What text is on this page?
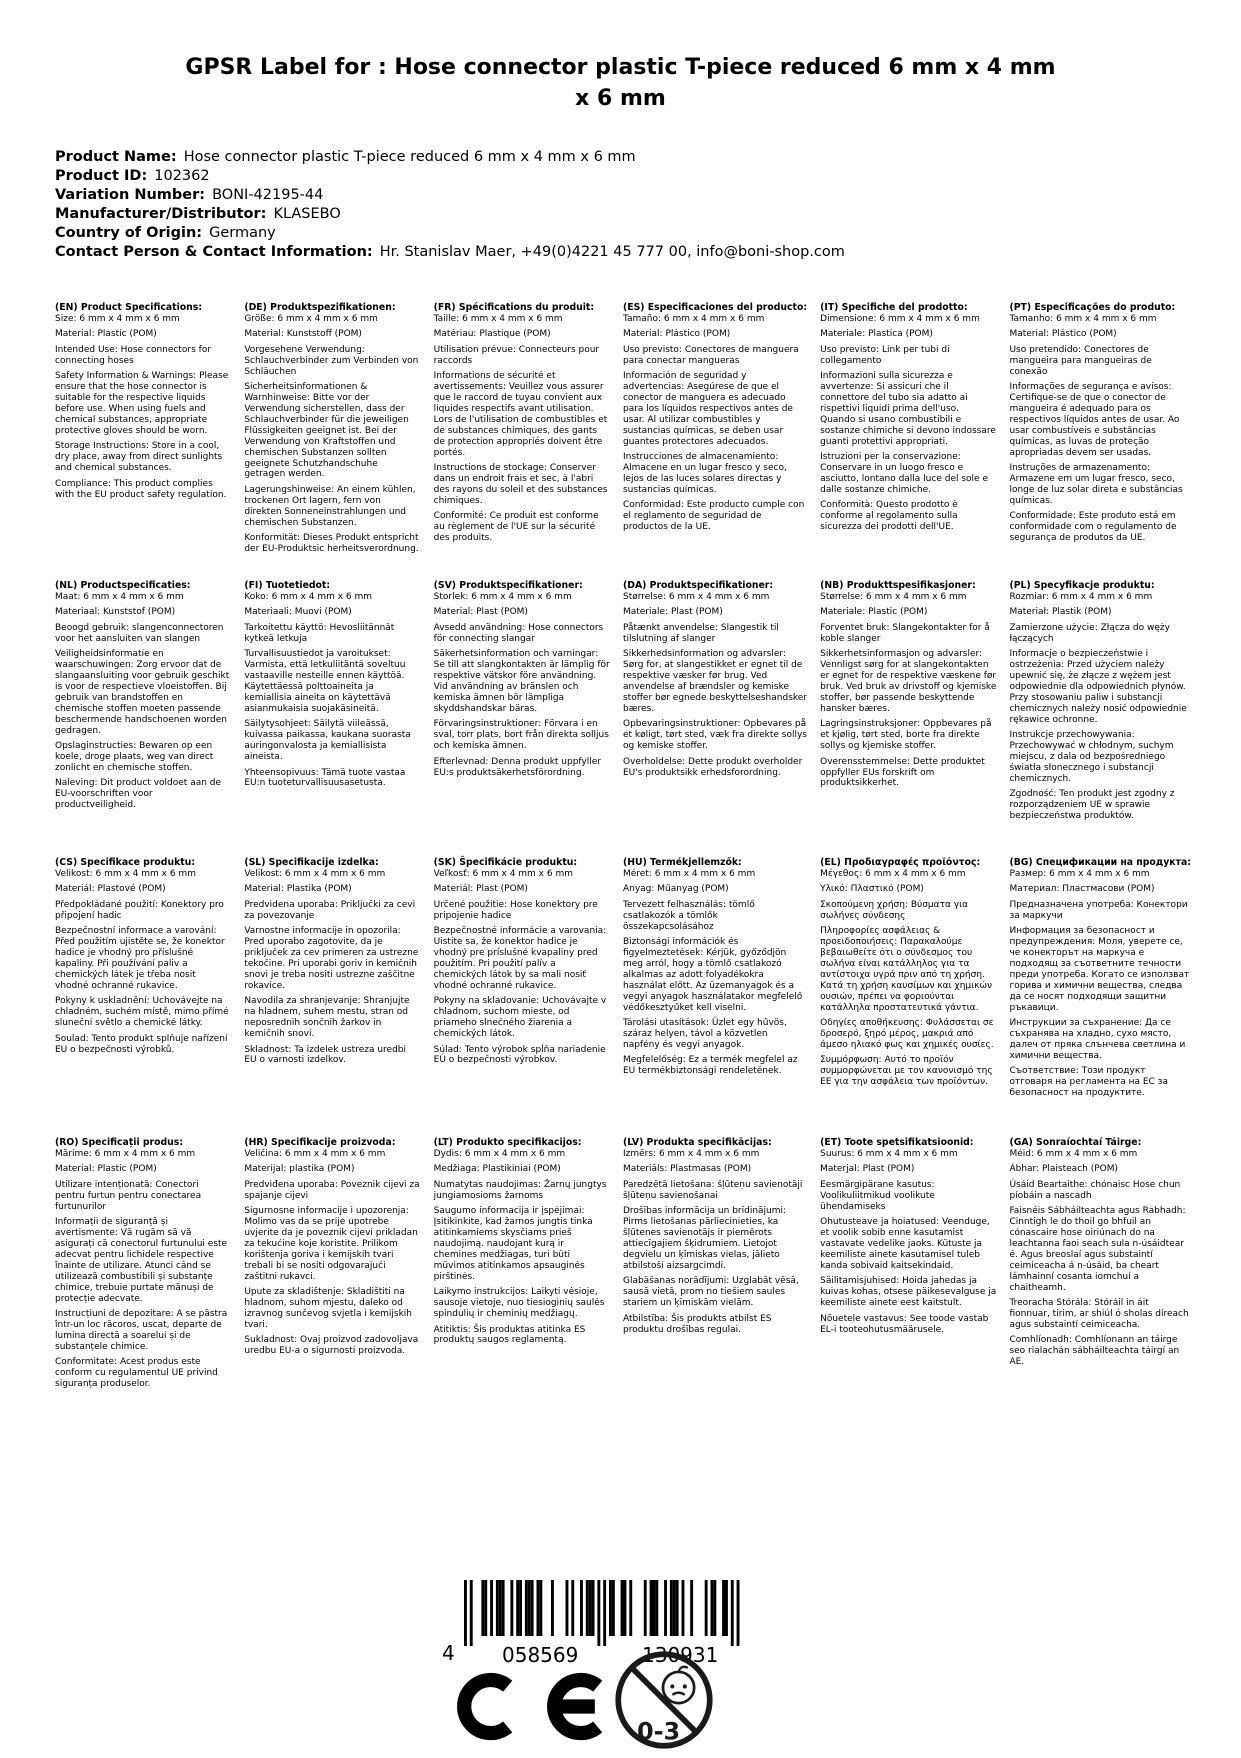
GPSR Label for : Hose connector plastic T-piece reduced 6 mm x 4 mm
x 6 mm
Product Name: Hose connector plastic T-piece reduced 6 mm x 4 mm x 6 mm
Product ID: 102362
Variation Number: BONI-42195-44
Manufacturer/Distributor: KLASEBO
Country of Origin: Germany
Contact Person & Contact Information: Hr. Stanislav Maer, +49(0)4221 45 777 00, info@boni-shop.com
(EN) Product Specifications:

Size: 6 mm x 4 mm x 6 mm

Material: Plastic (POM)

Intended Use: Hose connectors for connecting hoses

Safety Information & Warnings: Please ensure that the hose connector is suitable for the respective liquids before use. When using fuels and chemical substances, appropriate protective gloves should be worn.

Storage Instructions: Store in a cool, dry place, away from direct sunlights and chemical substances.

Compliance: This product complies with the EU product safety regulation.

(DE) Produktspezifikationen:

Größe: 6 mm x 4 mm x 6 mm

Material: Kunststoff (POM)

Vorgesehene Verwendung: Schlauchverbinder zum Verbinden von Schläuchen

Sicherheitsinformationen & Warnhinweise: Bitte vor der Verwendung sicherstellen, dass der Schlauchverbinder für die jeweiligen Flüssigkeiten geeignet ist. Bei der Verwendung von Kraftstoffen und chemischen Substanzen sollten geeignete Schutzhandschuhe getragen werden.

Lagerungshinweise: An einem kühlen, trockenen Ort lagern, fern von direkten Sonneneinstrahlungen und chemischen Substanzen.

Konformität: Dieses Produkt entspricht der EU-Produktsic herheitsverordnung.

(FR) Spécifications du produit:

Taille: 6 mm x 4 mm x 6 mm

Matériau: Plastique (POM)

Utilisation prévue: Connecteurs pour raccords

Informations de sécurité et avertissements: Veuillez vous assurer que le raccord de tuyau convient aux liquides respectifs avant utilisation. Lors de l'utilisation de combustibles et de substances chimiques, des gants de protection appropriés doivent être portés.

Instructions de stockage: Conserver dans un endroit frais et sec, à l'abri des rayons du soleil et des substances chimiques.

Conformité: Ce produit est conforme au règlement de l'UE sur la sécurité des produits.

(ES) Especificaciones del producto:

Tamaño: 6 mm x 4 mm x 6 mm

Material: Plástico (POM)

Uso previsto: Conectores de manguera para conectar mangueras

Información de seguridad y advertencias: Asegúrese de que el conector de manguera es adecuado para los líquidos respectivos antes de usar. Al utilizar combustibles y sustancias químicas, se deben usar guantes protectores adecuados.

Instrucciones de almacenamiento: Almacene en un lugar fresco y seco, lejos de las luces solares directas y sustancias químicas.

Conformidad: Este producto cumple con el reglamento de seguridad de productos de la UE.

(IT) Specifiche del prodotto:

Dimensione: 6 mm x 4 mm x 6 mm

Materiale: Plastica (POM)

Uso previsto: Link per tubi di collegamento

Informazioni sulla sicurezza e avvertenze: Si assicuri che il connettore del tubo sia adatto ai rispettivi liquidi prima dell'uso. Quando si usano combustibili e sostanze chimiche si devono indossare guanti protettivi appropriati.

Istruzioni per la conservazione: Conservare in un luogo fresco e asciutto, lontano dalla luce del sole e dalle sostanze chimiche.

Conformità: Questo prodotto è conforme al regolamento sulla sicurezza dei prodotti dell'UE.

(PT) Especificações do produto:

Tamanho: 6 mm x 4 mm x 6 mm

Material: Plástico (POM)

Uso pretendido: Conectores de mangueira para mangueiras de conexão

Informações de segurança e avisos: Certifique-se de que o conector de mangueira é adequado para os respectivos líquidos antes de usar. Ao usar combustíveis e substâncias químicas, as luvas de proteção apropriadas devem ser usadas.

Instruções de armazenamento: Armazene em um lugar fresco, seco, longe de luz solar direta e substâncias químicas.

Conformidade: Este produto está em conformidade com o regulamento de segurança de produtos da UE.

(NL) Productspecificaties:

Maat: 6 mm x 4 mm x 6 mm

Materiaal: Kunststof (POM)

Beoogd gebruik: slangenconnectoren voor het aansluiten van slangen

Veiligheidsinformatie en waarschuwingen: Zorg ervoor dat de slangaansluiting voor gebruik geschikt is voor de respectieve vloeistoffen. Bij gebruik van brandstoffen en chemische stoffen moeten passende beschermende handschoenen worden gedragen.

Opslaginstructies: Bewaren op een koele, droge plaats, weg van direct zonlicht en chemische stoffen.

Naleving: Dit product voldoet aan de EU-voorschriften voor productveiligheid.

(FI) Tuotetiedot:

Koko: 6 mm x 4 mm x 6 mm

Materiaali: Muovi (POM)

Tarkoitettu käyttö: Hevosliitännät kytkeä letkuja

Turvallisuustiedot ja varoitukset: Varmista, että letkuliitäntä soveltuu vastaaville nesteille ennen käyttöä. Käytettäessä polttoaineita ja kemiallisia aineita on käytettävä asianmukaisia suojakäsineitä.

Säilytysohjeet: Säilytä viileässä, kuivassa paikassa, kaukana suorasta auringonvalosta ja kemiallisista aineista.

Yhteensopivuus: Tämä tuote vastaa EU:n tuoteturvallisuusasetusta.

(SV) Produktspecifikationer:

Storlek: 6 mm x 4 mm x 6 mm

Material: Plast (POM)

Avsedd användning: Hose connectors för connecting slangar

Säkerhetsinformation och varningar: Se till att slangkontakten är lämplig för respektive vätskor före användning. Vid användning av bränslen och kemiska ämnen bör lämpliga skyddshandskar bäras.

Förvaringsinstruktioner: Förvara i en sval, torr plats, bort från direkta solljus och kemiska ämnen.

Efterlevnad: Denna produkt uppfyller EU:s produktsäkerhetsförordning.

(DA) Produktspecifikationer:

Størrelse: 6 mm x 4 mm x 6 mm

Materiale: Plast (POM)

Påtænkt anvendelse: Slangestik til tilslutning af slanger

Sikkerhedsinformation og advarsler: Sørg for, at slangestikket er egnet til de respektive væsker før brug. Ved anvendelse af brændsler og kemiske stoffer bør egnede beskyttelseshandsker bæres.

Opbevaringsinstruktioner: Opbevares på et køligt, tørt sted, væk fra direkte sollys og kemiske stoffer.

Overholdelse: Dette produkt overholder EU's produktsikk erhedsforordning.

(NB) Produkttspesifikasjoner:

Størrelse: 6 mm x 4 mm x 6 mm

Materiale: Plastic (POM)

Forventet bruk: Slangekontakter for å koble slanger

Sikkerhetsinformasjon og advarsler: Vennligst sørg for at slangekontakten er egnet for de respektive væskene før bruk. Ved bruk av drivstoff og kjemiske stoffer, bør passende beskyttende hansker bæres.

Lagringsinstruksjoner: Oppbevares på et kjølig, tørt sted, borte fra direkte sollys og kjemiske stoffer.

Overensstemmelse: Dette produktet oppfyller EUs forskrift om produktsikkerhet.

(PL) Specyfikacje produktu:

Rozmiar: 6 mm x 4 mm x 6 mm

Materiał: Plastik (POM)

Zamierzone użycie: Złącza do węży łączących

Informacje o bezpieczeństwie i ostrzeżenia: Przed użyciem należy upewnić się, że złącze z wężem jest odpowiednie dla odpowiednich płynów. Przy stosowaniu paliw i substancji chemicznych należy nosić odpowiednie rękawice ochronne.

Instrukcje przechowywania: Przechowywać w chłodnym, suchym miejscu, z dala od bezpośredniego światła słonecznego i substancji chemicznych.

Zgodność: Ten produkt jest zgodny z rozporządzeniem UE w sprawie bezpieczeństwa produktów.

(CS) Specifikace produktu:

Velikost: 6 mm x 4 mm x 6 mm

Materiál: Plastové (POM)

Předpokládané použití: Konektory pro připojení hadic

Bezpečnostní informace a varování: Před použitím ujistěte se, že konektor hadice je vhodný pro příslušné kapaliny. Při používání paliv a chemických látek je třeba nosit vhodné ochranné rukavice.

Pokyny k uskladnění: Uchovávejte na chladném, suchém místě, mimo přímé sluneční světlo a chemické látky.

Soulad: Tento produkt splňuje nařízení EU o bezpečnosti výrobků.

(SL) Specifikacije izdelka:

Velikost: 6 mm x 4 mm x 6 mm

Material: Plastika (POM)

Predvidena uporaba: Priključki za cevi za povezovanje

Varnostne informacije in opozorila: Pred uporabo zagotovite, da je priključek za cev primeren za ustrezne tekočine. Pri uporabi goriv in kemičnih snovi je treba nositi ustrezne zaščitne rokavice.

Navodila za shranjevanje: Shranjujte na hladnem, suhem mestu, stran od neposrednih sončnih žarkov in kemičnih snovi.

Skladnost: Ta izdelek ustreza uredbi EU o varnosti izdelkov.

(SK) Špecifikácie produktu:

Veľkosť: 6 mm x 4 mm x 6 mm

Materiál: Plast (POM)

Určené použitie: Hose konektory pre pripojenie hadice

Bezpečnostné informácie a varovania: Uistite sa, že konektor hadice je vhodný pre príslušné kvapaliny pred použitím. Pri použití palív a chemických látok by sa mali nosiť vhodné ochranné rukavice.

Pokyny na skladovanie: Uchovávajte v chladnom, suchom mieste, od priameho slnečného žiarenia a chemických látok.

Súlad: Tento výrobok spĺňa nariadenie EÚ o bezpečnosti výrobkov.

(HU) Termékjellemzők:

Méret: 6 mm x 4 mm x 6 mm

Anyag: Műanyag (POM)

Tervezett felhasználás: tömlő csatlakozók a tömlők összekapcsolásához

Biztonsági információk és figyelmeztetések: Kérjük, győződjön meg arról, hogy a tömlő csatlakozó alkalmas az adott folyadékokra használat előtt. Az üzemanyagok és a vegyi anyagok használatakor megfelelő védőkesztyűket kell viselni.

Tárolási utasítások: Üzlet egy hűvös, száraz helyen, távol a közvetlen napfény és vegyi anyagok.

Megfelelőség: Ez a termék megfelel az EU termékbiztonsági rendeletének.

(EL) Προδιαγραφές προϊόντος:

Μέγεθος: 6 mm x 4 mm x 6 mm

Υλικό: Πλαστικό (POM)

Σκοπούμενη χρήση: Βύσματα για σωλήνες σύνδεσης

Πληροφορίες ασφάλειας & προειδοποιήσεις: Παρακαλούμε βεβαιωθείτε ότι ο σύνδεσμος του σωλήνα είναι κατάλληλος για τα αντίστοιχα υγρά πριν από τη χρήση. Κατά τη χρήση καυσίμων και χημικών ουσιών, πρέπει να φοριούνται κατάλληλα προστατευτικά γάντια.

Οδηγίες αποθήκευσης: Φυλάσσεται σε δροσερό, ξηρό μέρος, μακριά από άμεσο ηλιακό φως και χημικές ουσίες.

Συμμόρφωση: Αυτό το προϊόν συμμορφώνεται με τον κανονισμό της ΕΕ για την ασφάλεια των προϊόντων.

(BG) Спецификации на продукта:

Размер: 6 mm x 4 mm x 6 mm

Материал: Пластмасови (POM)

Предназначена употреба: Конектори за маркучи

Информация за безопасност и предупреждения: Моля, уверете се, че конекторът на маркуча е подходящ за съответните течности преди употреба. Когато се използват горива и химични вещества, следва да се носят подходящи защитни ръкавици.

Инструкции за съхранение: Да се съхранява на хладно, сухо място, далеч от пряка слънчева светлина и химични вещества.

Съответствие: Този продукт отговаря на регламента на ЕС за безопасност на продуктите.

(RO) Specificații produs:

Mărime: 6 mm x 4 mm x 6 mm

Material: Plastic (POM)

Utilizare intenționată: Conectori pentru furtun pentru conectarea furtunurilor

Informații de siguranță și avertismente: Vă rugăm să vă asigurați că conectorul furtunului este adecvat pentru lichidele respective înainte de utilizare. Atunci când se utilizează combustibili și substanțe chimice, trebuie purtate mănuși de protecție adecvate.

Instrucțiuni de depozitare: A se păstra într-un loc răcoros, uscat, departe de lumina directă a soarelui și de substanțele chimice.

Conformitate: Acest produs este conform cu regulamentul UE privind siguranța produselor.

(HR) Specifikacije proizvoda:

Veličina: 6 mm x 4 mm x 6 mm

Materijal: plastika (POM)

Predviđena uporaba: Poveznik cijevi za spajanje cijevi

Sigurnosne informacije i upozorenja: Molimo vas da se prije upotrebe uvjerite da je poveznik cijevi prikladan za tekućine koje koristite. Prilikom korištenja goriva i kemijskih tvari trebali bi se nositi odgovarajući zaštitni rukavci.

Upute za skladištenje: Skladištiti na hladnom, suhom mjestu, daleko od izravnog sunčevog svjetla i kemijskih tvari.

Sukladnost: Ovaj proizvod zadovoljava uredbu EU-a o sigurnosti proizvoda.

(LT) Produkto specifikacijos:

Dydis: 6 mm x 4 mm x 6 mm

Medžiaga: Plastikiniai (POM)

Numatytas naudojimas: Žarnų jungtys jungiamosioms žarnoms

Saugumo informacija ir įspėjimai: Įsitikinkite, kad žarnos jungtis tinka atitinkamiems skysčiams prieš naudojimą. naudojant kurą ir chemines medžiagas, turi būti mūvimos atitinkamos apsauginės pirštinės.

Laikymo instrukcijos: Laikyti vėsioje, sausoje vietoje, nuo tiesioginių saulės spindulių ir cheminių medžiagų.

Atitiktis: Šis produktas atitinka ES produktų saugos reglamentą.

(LV) Produkta specifikācijas:

Izmērs: 6 mm x 4 mm x 6 mm

Materiāls: Plastmasas (POM)

Paredzētā lietošana: šļūteņu savienotāji šļūteņu savienošanai

Drošības informācija un brīdinājumi: Pirms lietošanas pārliecinieties, ka šļūtenes savienotājs ir piemērots attiecīgajiem šķidrumiem. Lietojot degvielu un ķīmiskas vielas, jālieto atbilstoši aizsargcimdi.

Glabāšanas norādījumi: Uzglabāt vēsā, sausā vietā, prom no tiešiem saules stariem un ķīmiskām vielām.

Atbilstība: Šis produkts atbilst ES produktu drošības regulai.

(ET) Toote spetsifikatsioonid:

Suurus: 6 mm x 4 mm x 6 mm

Materjal: Plast (POM)

Eesmärgipärane kasutus: Voolikuliitmikud voolikute ühendamiseks

Ohutusteave ja hoiatused: Veenduge, et voolik sobib enne kasutamist vastavate vedelike jaoks. Kütuste ja keemiliste ainete kasutamisel tuleb kanda sobivaid kaitsekindaid.

Säilitamisjuhised: Hoida jahedas ja kuivas kohas, otsese päikesevalguse ja keemiliste ainete eest kaitstult.

Nõuetele vastavus: See toode vastab EL-i tooteohutusmäärusele.

(GA) Sonraíochtaí Táirge:

Méid: 6 mm x 4 mm x 6 mm

Ábhar: Plaisteach (POM)

Úsáid Beartaithe: chónaisc Hose chun píobáin a nascadh

Faisnéis Sábháilteachta agus Rabhadh: Cinntigh le do thoil go bhfuil an cónascaire hose oiriúnach do na leachtanna faoi seach sula n-úsáidtear é. Agus breoslaí agus substaintí ceimiceacha á n-úsáid, ba cheart lámhainní cosanta iomchuí a chaitheamh.

Treoracha Stórála: Stóráil in áit fionnuar, tirim, ar shiúl ó sholas díreach agus substaintí ceimiceacha.

Comhlíonadh: Comhlíonann an táirge seo rialachán sábháilteachta táirgí an AE.

4 058569	130931
0-3
